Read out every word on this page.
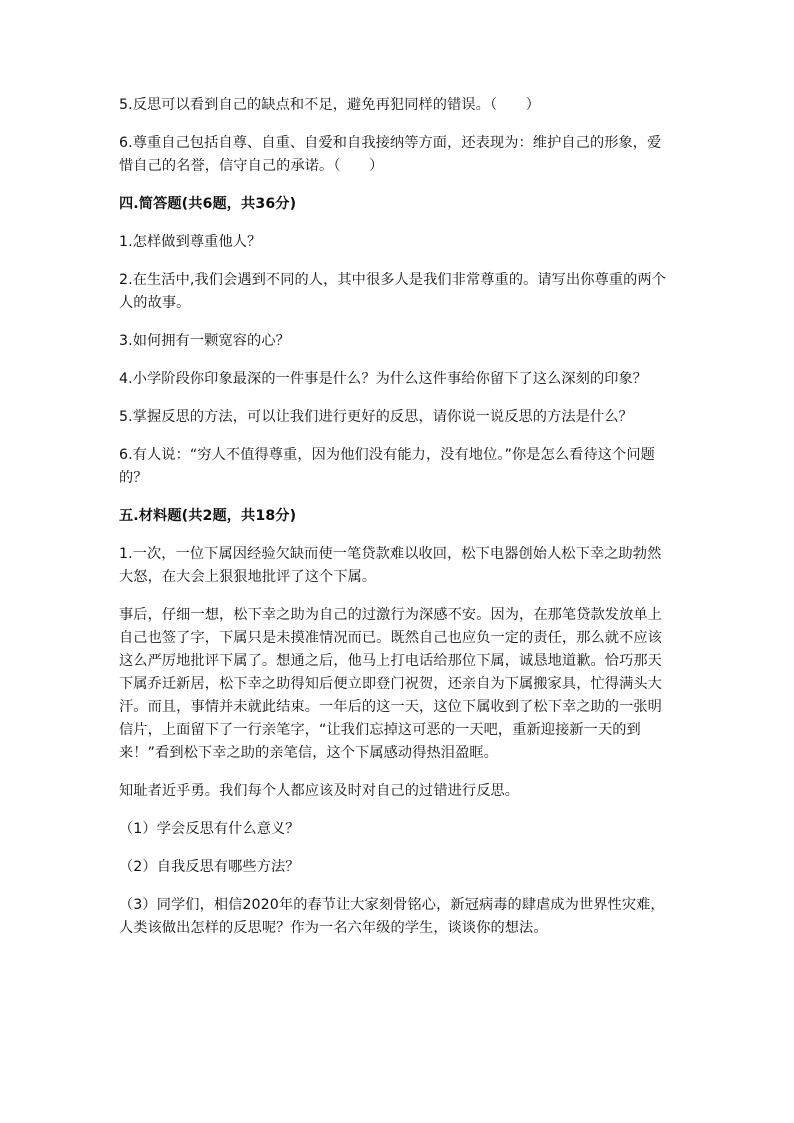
5.反思可以看到自己的缺点和不足，避免再犯同样的错误。（　　）

6.尊重自己包括自尊、自重、自爱和自我接纳等方面，还表现为：维护自己的形象，爱惜自己的名誉，信守自己的承诺。（　　）

四.简答题(共6题，共36分)

1.怎样做到尊重他人？

2.在生活中,我们会遇到不同的人，其中很多人是我们非常尊重的。请写出你尊重的两个人的故事。

3.如何拥有一颗宽容的心？

4.小学阶段你印象最深的一件事是什么？为什么这件事给你留下了这么深刻的印象？

5.掌握反思的方法，可以让我们进行更好的反思，请你说一说反思的方法是什么？

6.有人说：“穷人不值得尊重，因为他们没有能力，没有地位。”你是怎么看待这个问题的？

五.材料题(共2题，共18分)

1.一次，一位下属因经验欠缺而使一笔贷款难以收回，松下电器创始人松下幸之助勃然大怒，在大会上狠狠地批评了这个下属。

事后，仔细一想，松下幸之助为自己的过激行为深感不安。因为，在那笔贷款发放单上自己也签了字，下属只是未摸准情况而已。既然自己也应负一定的责任，那么就不应该这么严厉地批评下属了。想通之后，他马上打电话给那位下属，诚恳地道歉。恰巧那天下属乔迁新居，松下幸之助得知后便立即登门祝贺，还亲自为下属搬家具，忙得满头大汗。而且，事情并未就此结束。一年后的这一天，这位下属收到了松下幸之助的一张明信片，上面留下了一行亲笔字，“让我们忘掉这可恶的一天吧，重新迎接新一天的到来！”看到松下幸之助的亲笔信，这个下属感动得热泪盈眶。

知耻者近乎勇。我们每个人都应该及时对自己的过错进行反思。

（1）学会反思有什么意义？

（2）自我反思有哪些方法？

（3）同学们，相信2020年的春节让大家刻骨铭心，新冠病毒的肆虐成为世界性灾难，人类该做出怎样的反思呢？作为一名六年级的学生，谈谈你的想法。
